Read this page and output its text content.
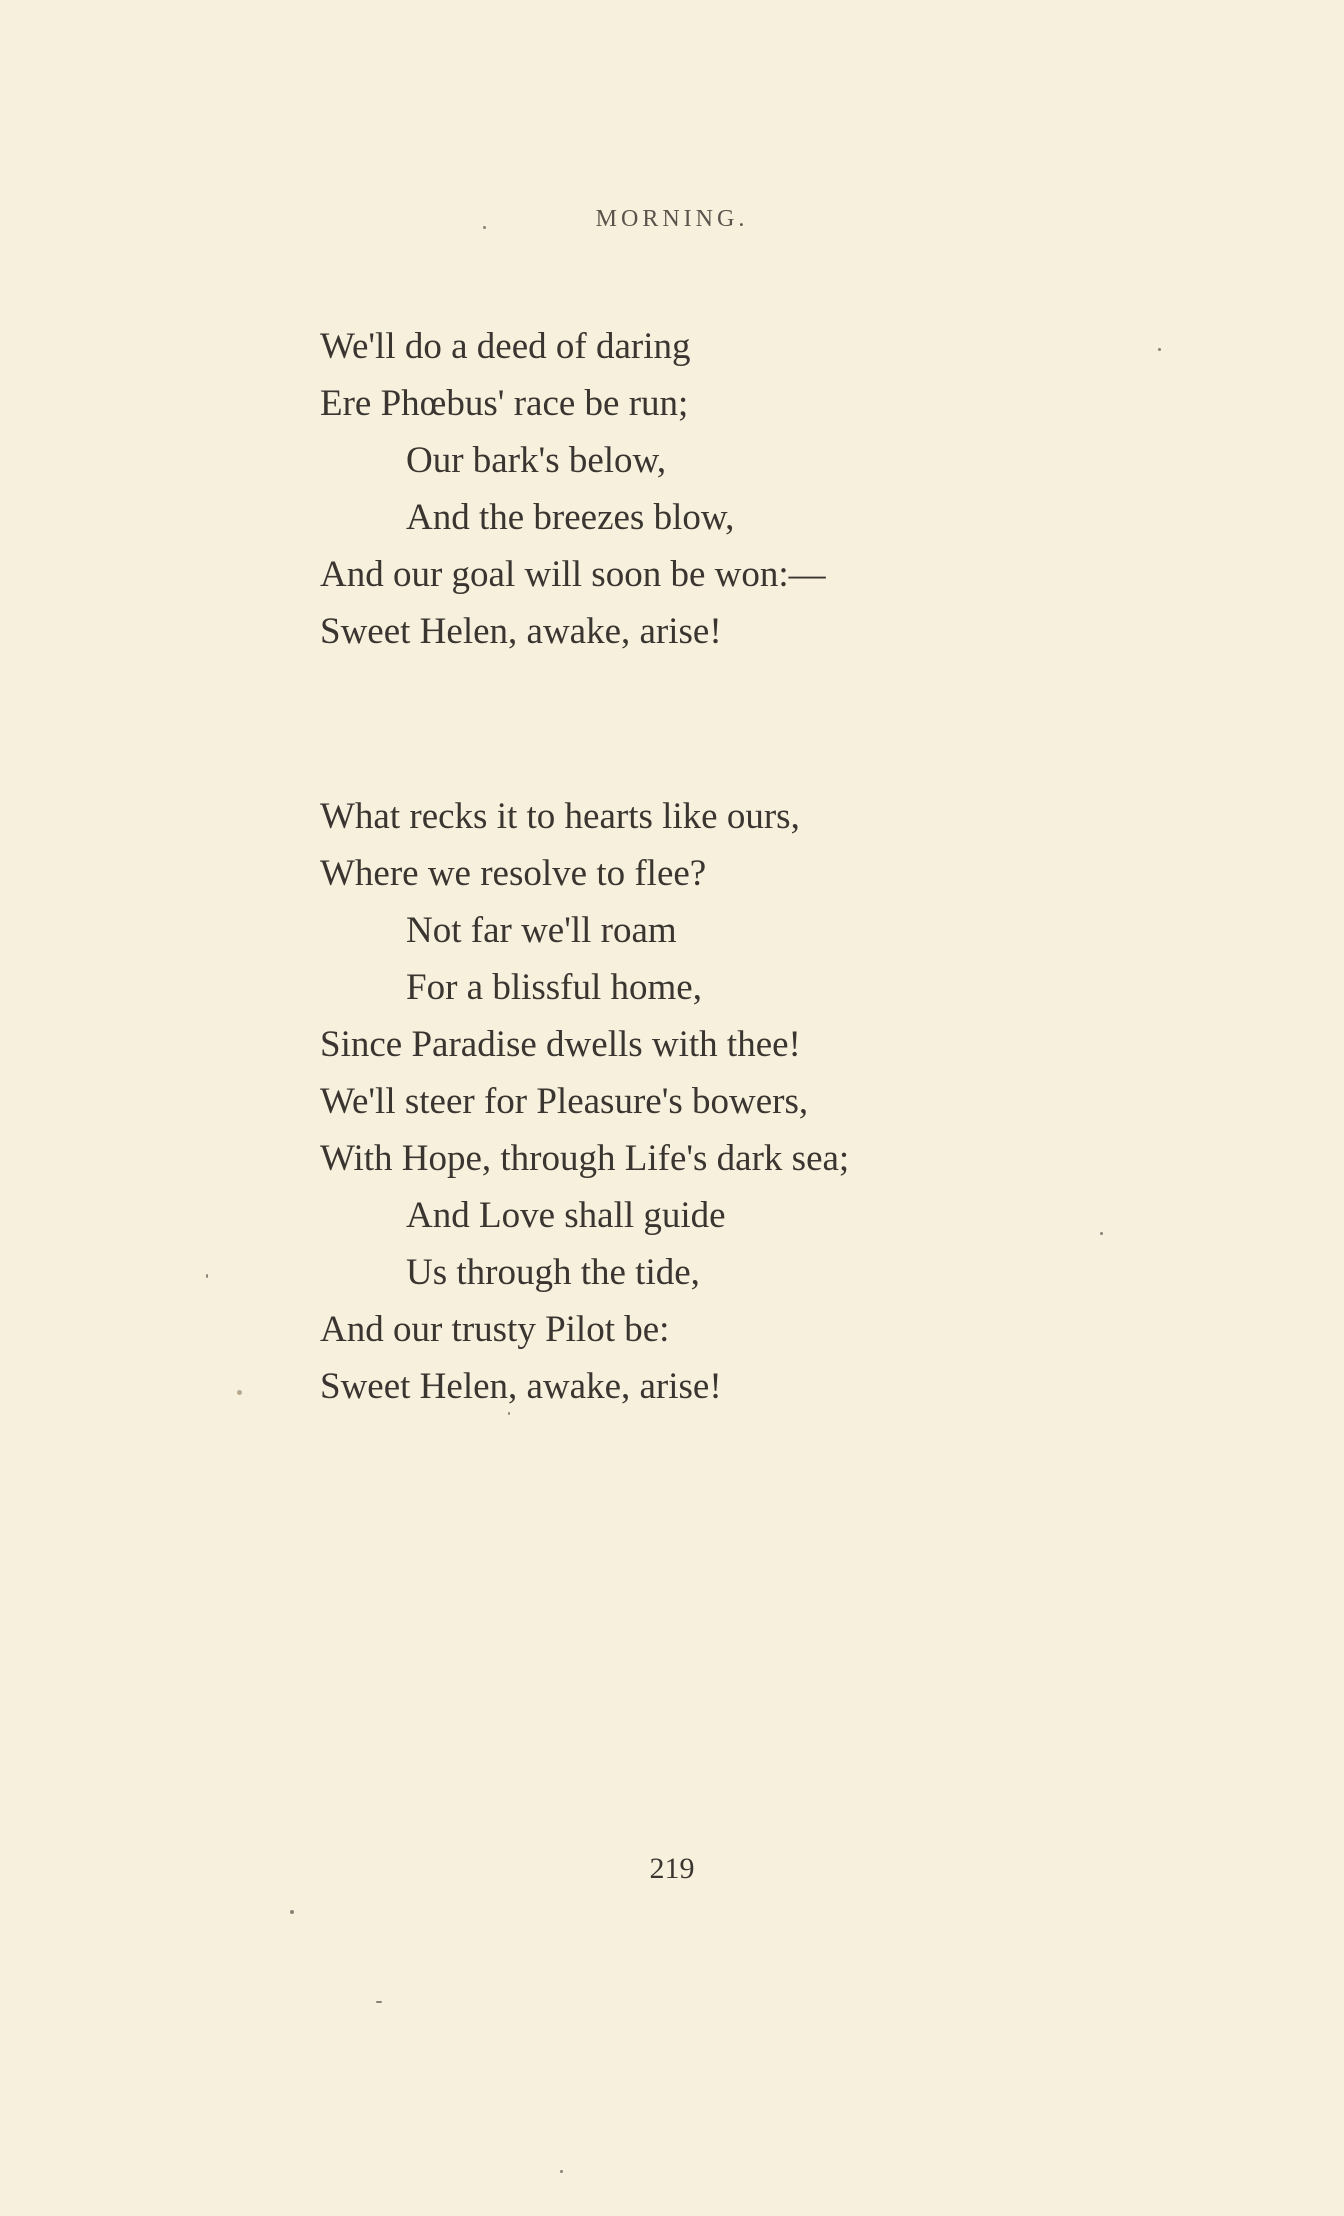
MORNING.
We'll do a deed of daring
Ere Phœbus' race be run;
Our bark's below,
And the breezes blow,
And our goal will soon be won:—
Sweet Helen, awake, arise!
What recks it to hearts like ours,
Where we resolve to flee?
Not far we'll roam
For a blissful home,
Since Paradise dwells with thee!
We'll steer for Pleasure's bowers,
With Hope, through Life's dark sea;
And Love shall guide
Us through the tide,
And our trusty Pilot be:
Sweet Helen, awake, arise!
219
